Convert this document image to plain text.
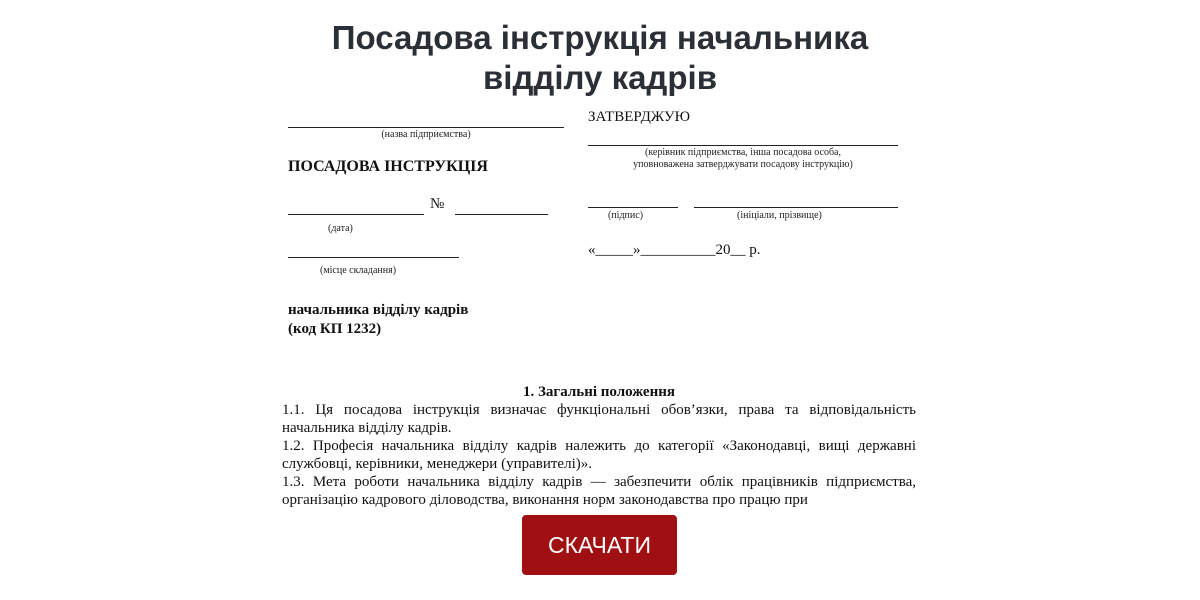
Посадова інструкція начальника
відділу кадрів
(назва підприємства)
ПОСАДОВА ІНСТРУКЦІЯ
№
(дата)
(місце складання)
начальника відділу кадрів
(код КП 1232)
ЗАТВЕРДЖУЮ
(керівник підприємства, інша посадова особа,
уповноважена затверджувати посадову інструкцію)
(підпис)	(ініціали, прізвище)
«_____»__________20__ р.
1. Загальні положення

1.1. Ця посадова інструкція визначає функціональні обов’язки, права та відповідальність начальника відділу кадрів.

1.2. Професія начальника відділу кадрів належить до категорії «Законодавці, вищі державні службовці, керівники, менеджери (управителі)».

1.3. Мета роботи начальника відділу кадрів — забезпечити облік працівників підприємства, організацію кадрового діловодства, виконання норм законодавства про працю при

СКАЧАТИ
